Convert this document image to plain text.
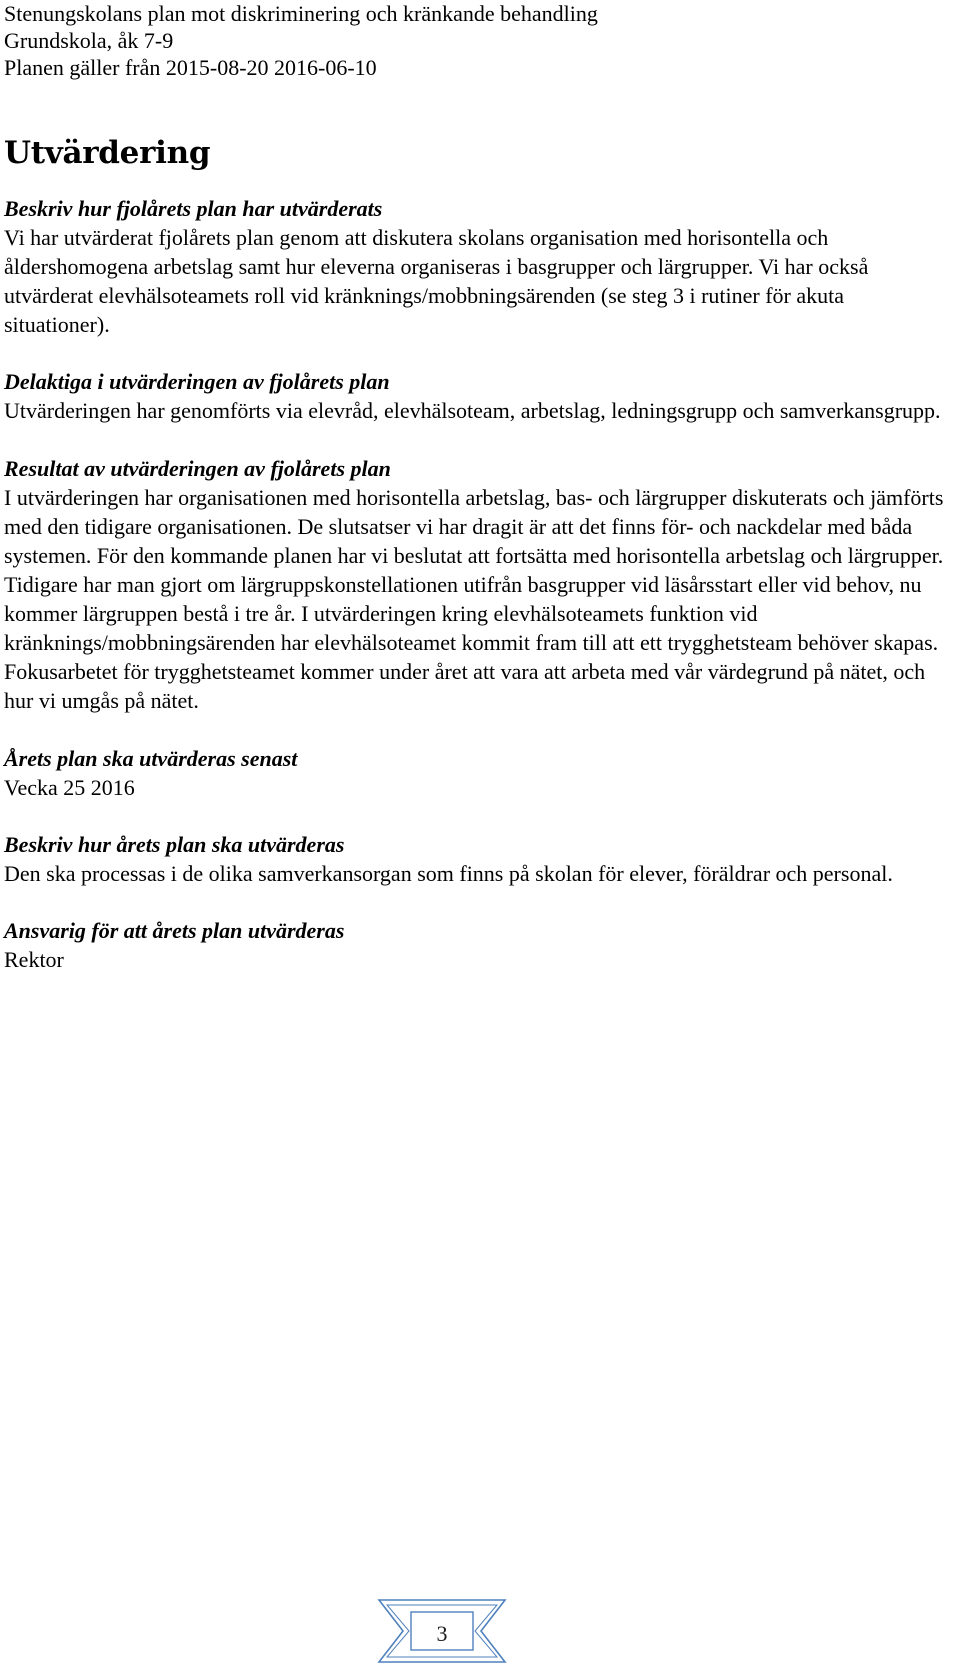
Stenungskolans plan mot diskriminering och kränkande behandling

Grundskola, åk 7-9

Planen gäller från 2015-08-20 2016-06-10

Utvärdering
Beskriv hur fjolårets plan har utvärderats

Vi har utvärderat fjolårets plan genom att diskutera skolans organisation med horisontella och åldershomogena arbetslag samt hur eleverna organiseras i basgrupper och lärgrupper. Vi har också utvärderat elevhälsoteamets roll vid kränknings/mobbningsärenden (se steg 3 i rutiner för akuta situationer).

Delaktiga i utvärderingen av fjolårets plan

Utvärderingen har genomförts via elevråd, elevhälsoteam, arbetslag, ledningsgrupp och samverkansgrupp.

Resultat av utvärderingen av fjolårets plan

I utvärderingen har organisationen med horisontella arbetslag, bas- och lärgrupper diskuterats och jämförts med den tidigare organisationen. De slutsatser vi har dragit är att det finns för- och nackdelar med båda systemen. För den kommande planen har vi beslutat att fortsätta med horisontella arbetslag och lärgrupper. Tidigare har man gjort om lärgruppskonstellationen utifrån basgrupper vid läsårsstart eller vid behov, nu kommer lärgruppen bestå i tre år. I utvärderingen kring elevhälsoteamets funktion vid kränknings/mobbningsärenden har elevhälsoteamet kommit fram till att ett trygghetsteam behöver skapas. Fokusarbetet för trygghetsteamet kommer under året att vara att arbeta med vår värdegrund på nätet, och hur vi umgås på nätet.

Årets plan ska utvärderas senast

Vecka 25 2016

Beskriv hur årets plan ska utvärderas

Den ska processas i de olika samverkansorgan som finns på skolan för elever, föräldrar och personal.

Ansvarig för att årets plan utvärderas

Rektor

3
